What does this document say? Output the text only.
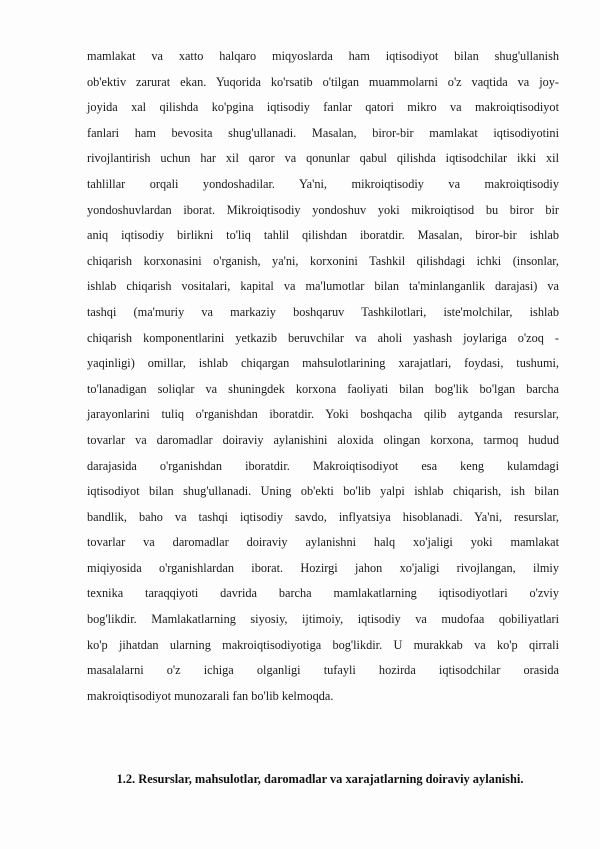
mamlakat va xatto halqaro miqyoslarda ham iqtisodiyot bilan shug'ullanish
ob'ektiv zarurat ekan. Yuqorida ko'rsatib o'tilgan muammolarni o'z vaqtida va joy-
joyida xal qilishda ko'pgina iqtisodiy fanlar qatori mikro va makroiqtisodiyot
fanlari ham bevosita shug'ullanadi. Masalan, biror-bir mamlakat iqtisodiyotini
rivojlantirish uchun har xil qaror va qonunlar qabul qilishda iqtisodchilar ikki xil
tahlillar orqali yondoshadilar. Ya'ni, mikroiqtisodiy va makroiqtisodiy
yondoshuvlardan iborat. Mikroiqtisodiy yondoshuv yoki mikroiqtisod bu biror bir
aniq iqtisodiy birlikni to'liq tahlil qilishdan iboratdir. Masalan, biror-bir ishlab
chiqarish korxonasini o'rganish, ya'ni, korxonini Tashkil qilishdagi ichki (insonlar,
ishlab chiqarish vositalari, kapital va ma'lumotlar bilan ta'minlanganlik darajasi) va
tashqi (ma'muriy va markaziy boshqaruv Tashkilotlari, iste'molchilar, ishlab
chiqarish komponentlarini yetkazib beruvchilar va aholi yashash joylariga o'zoq -
yaqinligi) omillar, ishlab chiqargan mahsulotlarining xarajatlari, foydasi, tushumi,
to'lanadigan soliqlar va shuningdek korxona faoliyati bilan bog'lik bo'lgan barcha
jarayonlarini tuliq o'rganishdan iboratdir. Yoki boshqacha qilib aytganda resurslar,
tovarlar va daromadlar doiraviy aylanishini aloxida olingan korxona, tarmoq hudud
darajasida o'rganishdan iboratdir. Makroiqtisodiyot esa keng kulamdagi
iqtisodiyot bilan shug'ullanadi. Uning ob'ekti bo'lib yalpi ishlab chiqarish, ish bilan
bandlik, baho va tashqi iqtisodiy savdo, inflyatsiya hisoblanadi. Ya'ni, resurslar,
tovarlar va daromadlar doiraviy aylanishni halq xo'jaligi yoki mamlakat
miqiyosida o'rganishlardan iborat. Hozirgi jahon xo'jaligi rivojlangan, ilmiy
texnika taraqqiyoti davrida barcha mamlakatlarning iqtisodiyotlari o'zviy
bog'likdir. Mamlakatlarning siyosiy, ijtimoiy, iqtisodiy va mudofaa qobiliyatlari
ko'p jihatdan ularning makroiqtisodiyotiga bog'likdir. U murakkab va ko'p qirrali
masalalarni o'z ichiga olganligi tufayli hozirda iqtisodchilar orasida
makroiqtisodiyot munozarali fan bo'lib kelmoqda.
1.2. Resurslar, mahsulotlar, daromadlar va xarajatlarning doiraviy aylanishi.
